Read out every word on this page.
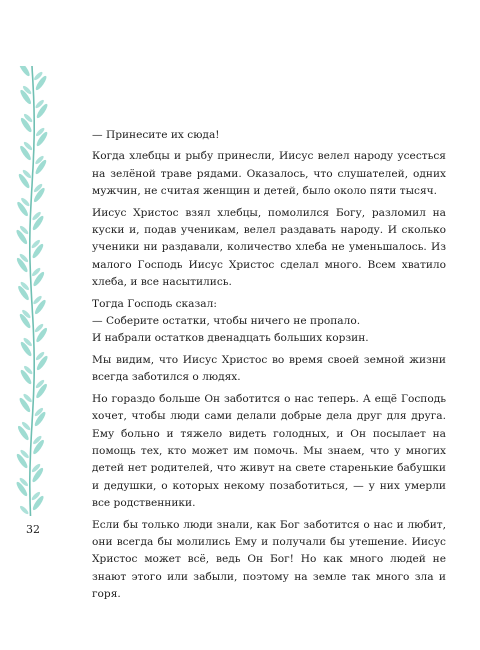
— Принесите их сюда!

Когда хлебцы и рыбу принесли, Иисус велел народу усесться на зелёной траве рядами. Оказалось, что слушателей, одних мужчин, не считая женщин и детей, было около пяти тысяч.

Иисус Христос взял хлебцы, помолился Богу, разломил на куски и, подав ученикам, велел раздавать народу. И сколько ученики ни раздавали, количество хлеба не уменьшалось. Из малого Господь Иисус Христос сделал много. Всем хватило хлеба, и все насытились.

Тогда Господь сказал:

— Соберите остатки, чтобы ничего не пропало.

И набрали остатков двенадцать больших корзин.

Мы видим, что Иисус Христос во время своей земной жизни всегда заботился о людях.

Но гораздо больше Он заботится о нас теперь. А ещё Господь хочет, чтобы люди сами делали добрые дела друг для друга. Ему больно и тяжело видеть голодных, и Он посылает на помощь тех, кто может им помочь. Мы знаем, что у многих детей нет родителей, что живут на свете старенькие бабушки и дедушки, о которых некому позаботиться, — у них умерли все родственники.

Если бы только люди знали, как Бог заботится о нас и любит, они всегда бы молились Ему и получали бы утешение. Иисус Христос может всё, ведь Он Бог! Но как много людей не знают этого или забыли, поэтому на земле так много зла и горя.

32
